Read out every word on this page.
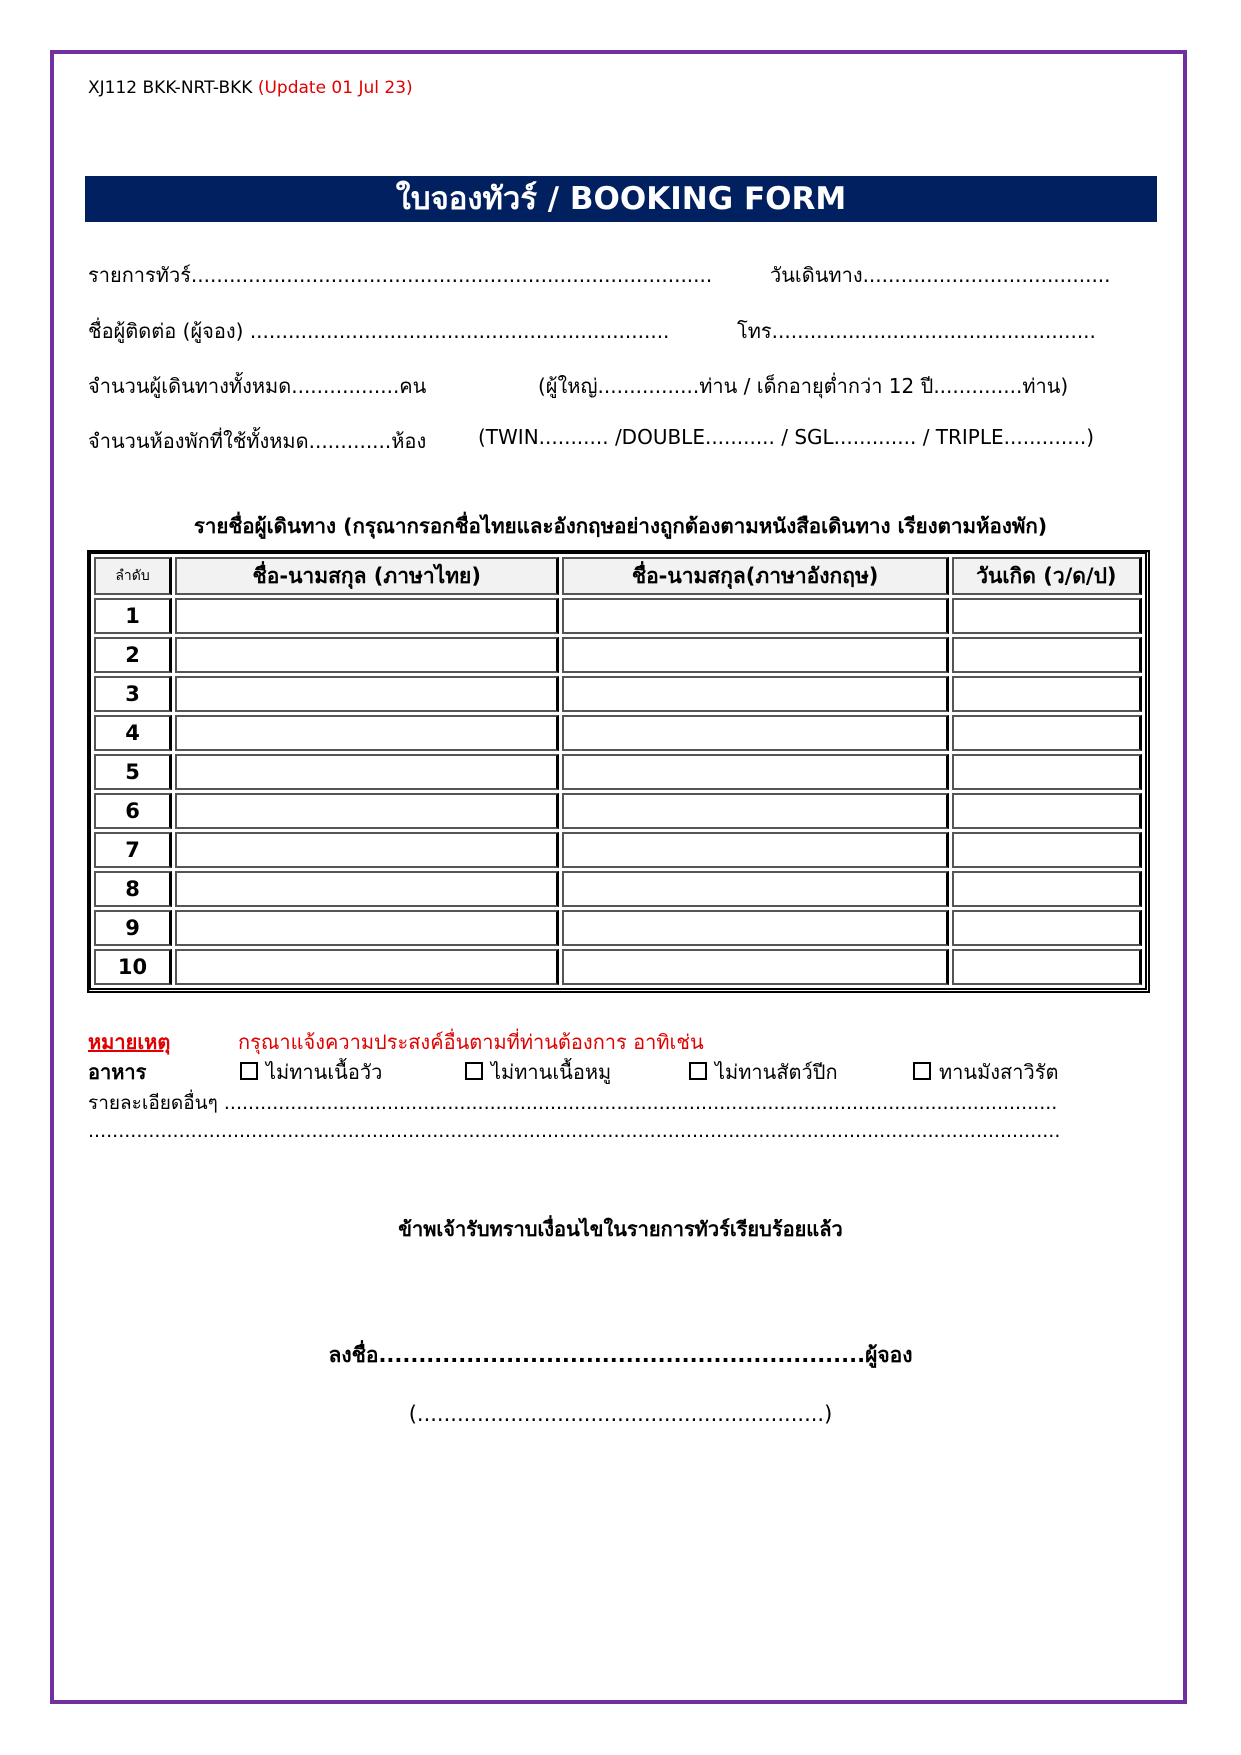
XJ112 BKK-NRT-BKK (Update 01 Jul 23)
ใบจองทัวร์ / BOOKING FORM
รายการทัวร์..................................................................................	วันเดินทาง.......................................
ชื่อผู้ติดต่อ (ผู้จอง) ..................................................................	โทร...................................................
จำนวนผู้เดินทางทั้งหมด.................คน	(ผู้ใหญ่................ท่าน / เด็กอายุต่ำกว่า 12 ปี..............ท่าน)
จำนวนห้องพักที่ใช้ทั้งหมด.............ห้อง	(TWIN........... /DOUBLE........... / SGL............. / TRIPLE.............)
รายชื่อผู้เดินทาง (กรุณากรอกชื่อไทยและอังกฤษอย่างถูกต้องตามหนังสือเดินทาง เรียงตามห้องพัก)
ลำดับ	ชื่อ-นามสกุล (ภาษาไทย)	ชื่อ-นามสกุล(ภาษาอังกฤษ)	วันเกิด (ว/ด/ป)
1			
2			
3			
4			
5			
6			
7			
8			
9			
10			
หมายเหตุ	กรุณาแจ้งความประสงค์อื่นตามที่ท่านต้องการ อาทิเช่น
อาหาร	ไม่ทานเนื้อวัว	ไม่ทานเนื้อหมู	ไม่ทานสัตว์ปีก	ทานมังสาวิรัต
รายละเอียดอื่นๆ ..........................................................................................................................................
.................................................................................................................................................................
ข้าพเจ้ารับทราบเงื่อนไขในรายการทัวร์เรียบร้อยแล้ว
ลงชื่อ.............................................................ผู้จอง
(.............................................................)
